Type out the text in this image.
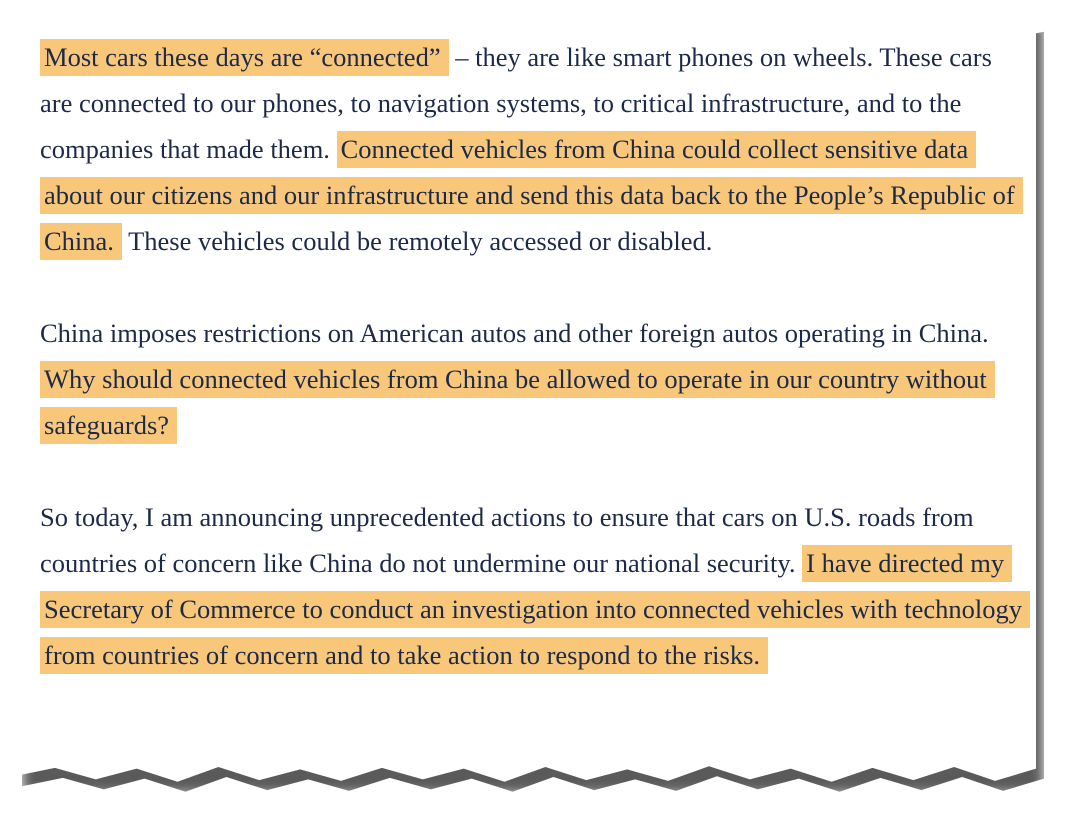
Most cars these days are “connected” – they are like smart phones on wheels. These cars are connected to our phones, to navigation systems, to critical infrastructure, and to the companies that made them. Connected vehicles from China could collect sensitive data about our citizens and our infrastructure and send this data back to the People’s Republic of China. These vehicles could be remotely accessed or disabled.

China imposes restrictions on American autos and other foreign autos operating in China. Why should connected vehicles from China be allowed to operate in our country without safeguards?

So today, I am announcing unprecedented actions to ensure that cars on U.S. roads from countries of concern like China do not undermine our national security. I have directed my Secretary of Commerce to conduct an investigation into connected vehicles with technology from countries of concern and to take action to respond to the risks.
